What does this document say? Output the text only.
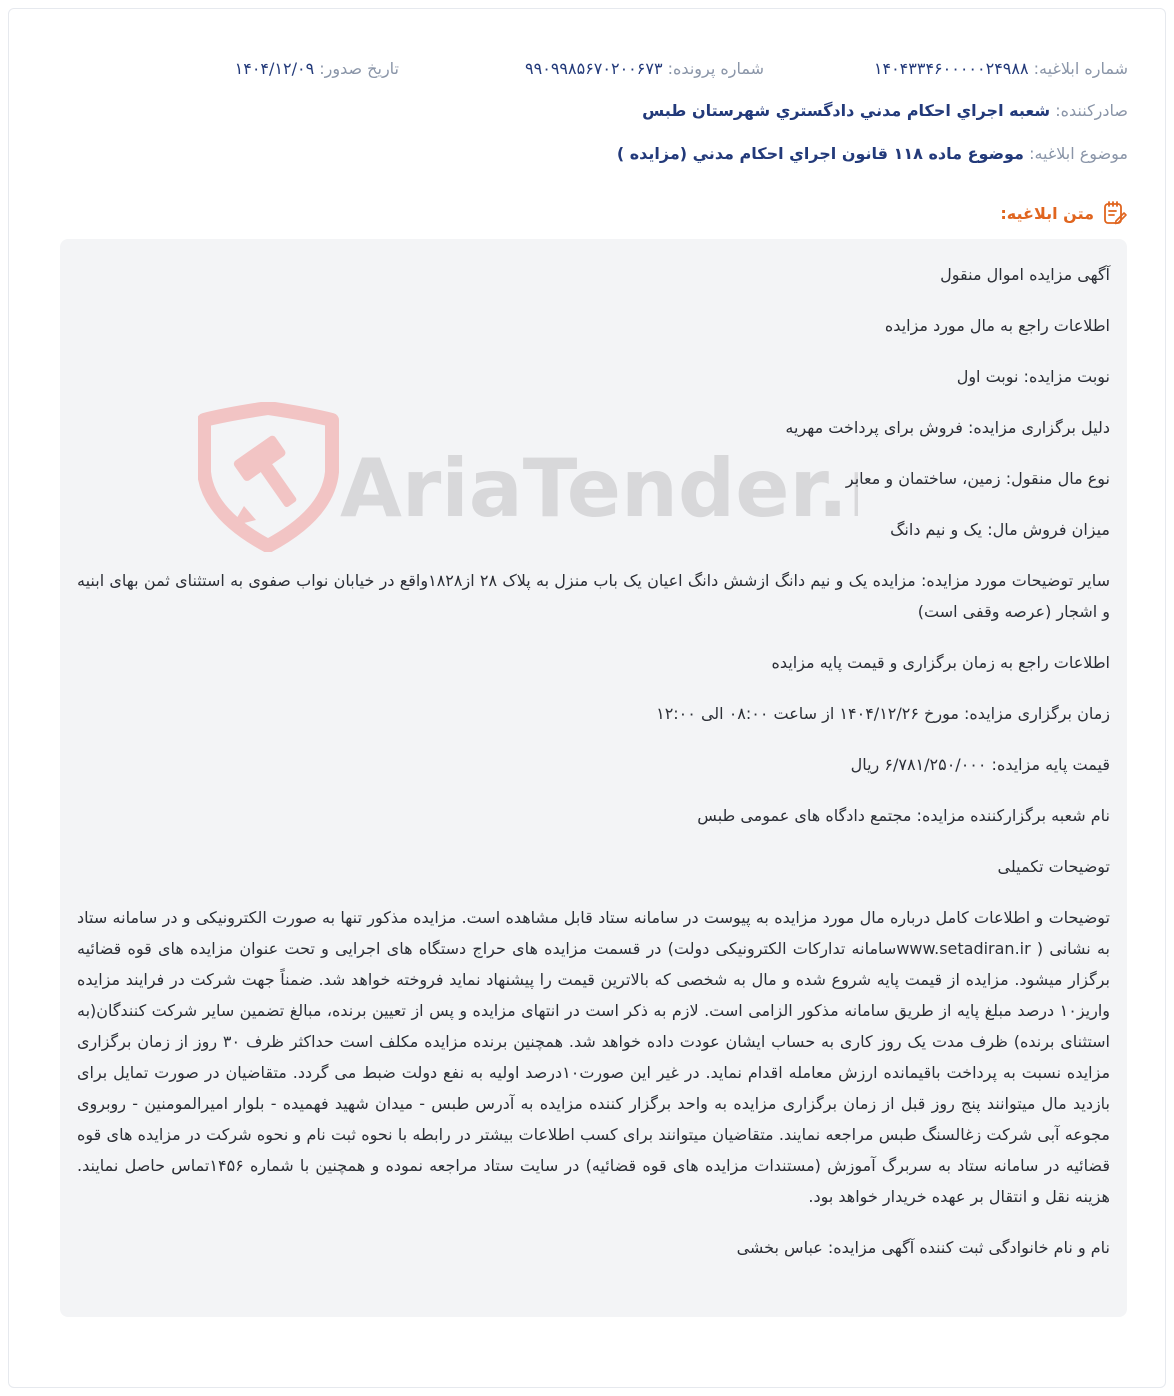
شماره ابلاغیه: ۱۴۰۴۳۳۴۶۰۰۰۰۰۲۴۹۸۸
شماره پرونده: ۹۹۰۹۹۸۵۶۷۰۲۰۰۶۷۳
تاریخ صدور: ۱۴۰۴/۱۲/۰۹
صادرکننده: شعبه اجراي احكام مدني دادگستري شهرستان طبس
موضوع ابلاغیه: موضوع ماده ۱۱۸ قانون اجراي احكام مدني (مزايده )
متن ابلاغیه:
AriaTender.

آگهی مزایده اموال منقول

اطلاعات راجع به مال مورد مزایده

نوبت مزایده: نوبت اول

دلیل برگزاری مزایده: فروش برای پرداخت مهریه

نوع مال منقول: زمین، ساختمان و معابر

میزان فروش مال: یک و نیم دانگ

سایر توضیحات مورد مزایده: مزایده یک و نیم دانگ ازشش دانگ اعیان یک باب منزل به پلاک ۲۸ از۱۸۲۸واقع در خیابان نواب صفوی به استثنای ثمن بهای ابنیه و اشجار (عرصه وقفی است)

اطلاعات راجع به زمان برگزاری و قیمت پایه مزایده

زمان برگزاری مزایده: مورخ ۱۴۰۴/۱۲/۲۶ از ساعت ۰۸:۰۰ الی ۱۲:۰۰

قیمت پایه مزایده: ۶/۷۸۱/۲۵۰/۰۰۰ ریال

نام شعبه برگزارکننده مزایده: مجتمع دادگاه های عمومی طبس

توضیحات تکمیلی

توضیحات و اطلاعات کامل درباره مال مورد مزایده به پیوست در سامانه ستاد قابل مشاهده است. مزایده مذکور تنها به صورت الکترونیکی و در سامانه ستاد به نشانی ( www.setadiran.irسامانه تدارکات الکترونیکی دولت) در قسمت مزایده های حراج دستگاه های اجرایی و تحت عنوان مزایده های قوه قضائیه برگزار میشود. مزایده از قیمت پایه شروع شده و مال به شخصی که بالاترین قیمت را پیشنهاد نماید فروخته خواهد شد. ضمناً جهت شرکت در فرایند مزایده واریز۱۰ درصد مبلغ پایه از طریق سامانه مذکور الزامی است. لازم به ذکر است در انتهای مزایده و پس از تعیین برنده، مبالغ تضمین سایر شرکت کنندگان(به استثنای برنده) ظرف مدت یک روز کاری به حساب ایشان عودت داده خواهد شد. همچنین برنده مزایده مکلف است حداکثر ظرف ۳۰ روز از زمان برگزاری مزایده نسبت به پرداخت باقیمانده ارزش معامله اقدام نماید. در غیر این صورت۱۰درصد اولیه به نفع دولت ضبط می گردد. متقاضیان در صورت تمایل برای بازدید مال میتوانند پنج روز قبل از زمان برگزاری مزایده به واحد برگزار کننده مزایده به آدرس طبس - میدان شهید فهمیده - بلوار امیرالمومنین - روبروی مجوعه آبی شرکت زغالسنگ طبس مراجعه نمایند. متقاضیان میتوانند برای کسب اطلاعات بیشتر در رابطه با نحوه ثبت نام و نحوه شرکت در مزایده های قوه قضائیه در سامانه ستاد به سربرگ آموزش (مستندات مزایده های قوه قضائیه) در سایت ستاد مراجعه نموده و همچنین با شماره ۱۴۵۶تماس حاصل نمایند. هزینه نقل و انتقال بر عهده خریدار خواهد بود.

نام و نام خانوادگی ثبت کننده آگهی مزایده: عباس بخشی
